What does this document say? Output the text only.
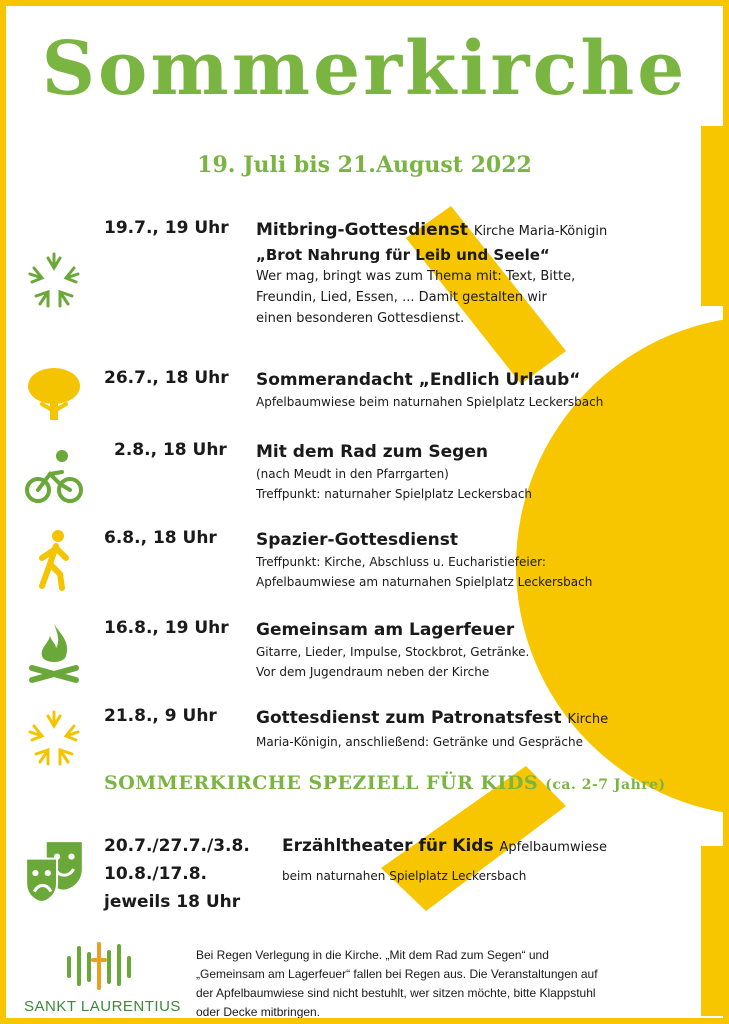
Sommerkirche
19. Juli bis 21.August 2022
19.7., 19 Uhr Mitbring-Gottesdienst Kirche Maria-Königin
„Brot Nahrung für Leib und Seele“
Wer mag, bringt was zum Thema mit: Text, Bitte,
Freundin, Lied, Essen, ... Damit gestalten wir
einen besonderen Gottesdienst.
26.7., 18 Uhr Sommerandacht „Endlich Urlaub“
Apfelbaumwiese beim naturnahen Spielplatz Leckersbach
2.8., 18 Uhr Mit dem Rad zum Segen
(nach Meudt in den Pfarrgarten)
Treffpunkt: naturnaher Spielplatz Leckersbach
6.8., 18 Uhr Spazier-Gottesdienst
Treffpunkt: Kirche, Abschluss u. Eucharistiefeier:
Apfelbaumwiese am naturnahen Spielplatz Leckersbach
16.8., 19 Uhr Gemeinsam am Lagerfeuer
Gitarre, Lieder, Impulse, Stockbrot, Getränke.
Vor dem Jugendraum neben der Kirche
21.8., 9 Uhr Gottesdienst zum Patronatsfest Kirche
Maria-Königin, anschließend: Getränke und Gespräche
SOMMERKIRCHE SPEZIELL FÜR KIDS (ca. 2-7 Jahre)
20.7./27.7./3.8.
10.8./17.8.
jeweils 18 Uhr
Erzähltheater für Kids Apfelbaumwiese
beim naturnahen Spielplatz Leckersbach
SANKT LAURENTIUS
Bei Regen Verlegung in die Kirche. „Mit dem Rad zum Segen“ und
„Gemeinsam am Lagerfeuer“ fallen bei Regen aus. Die Veranstaltungen auf
der Apfelbaumwiese sind nicht bestuhlt, wer sitzen möchte, bitte Klappstuhl
oder Decke mitbringen.
